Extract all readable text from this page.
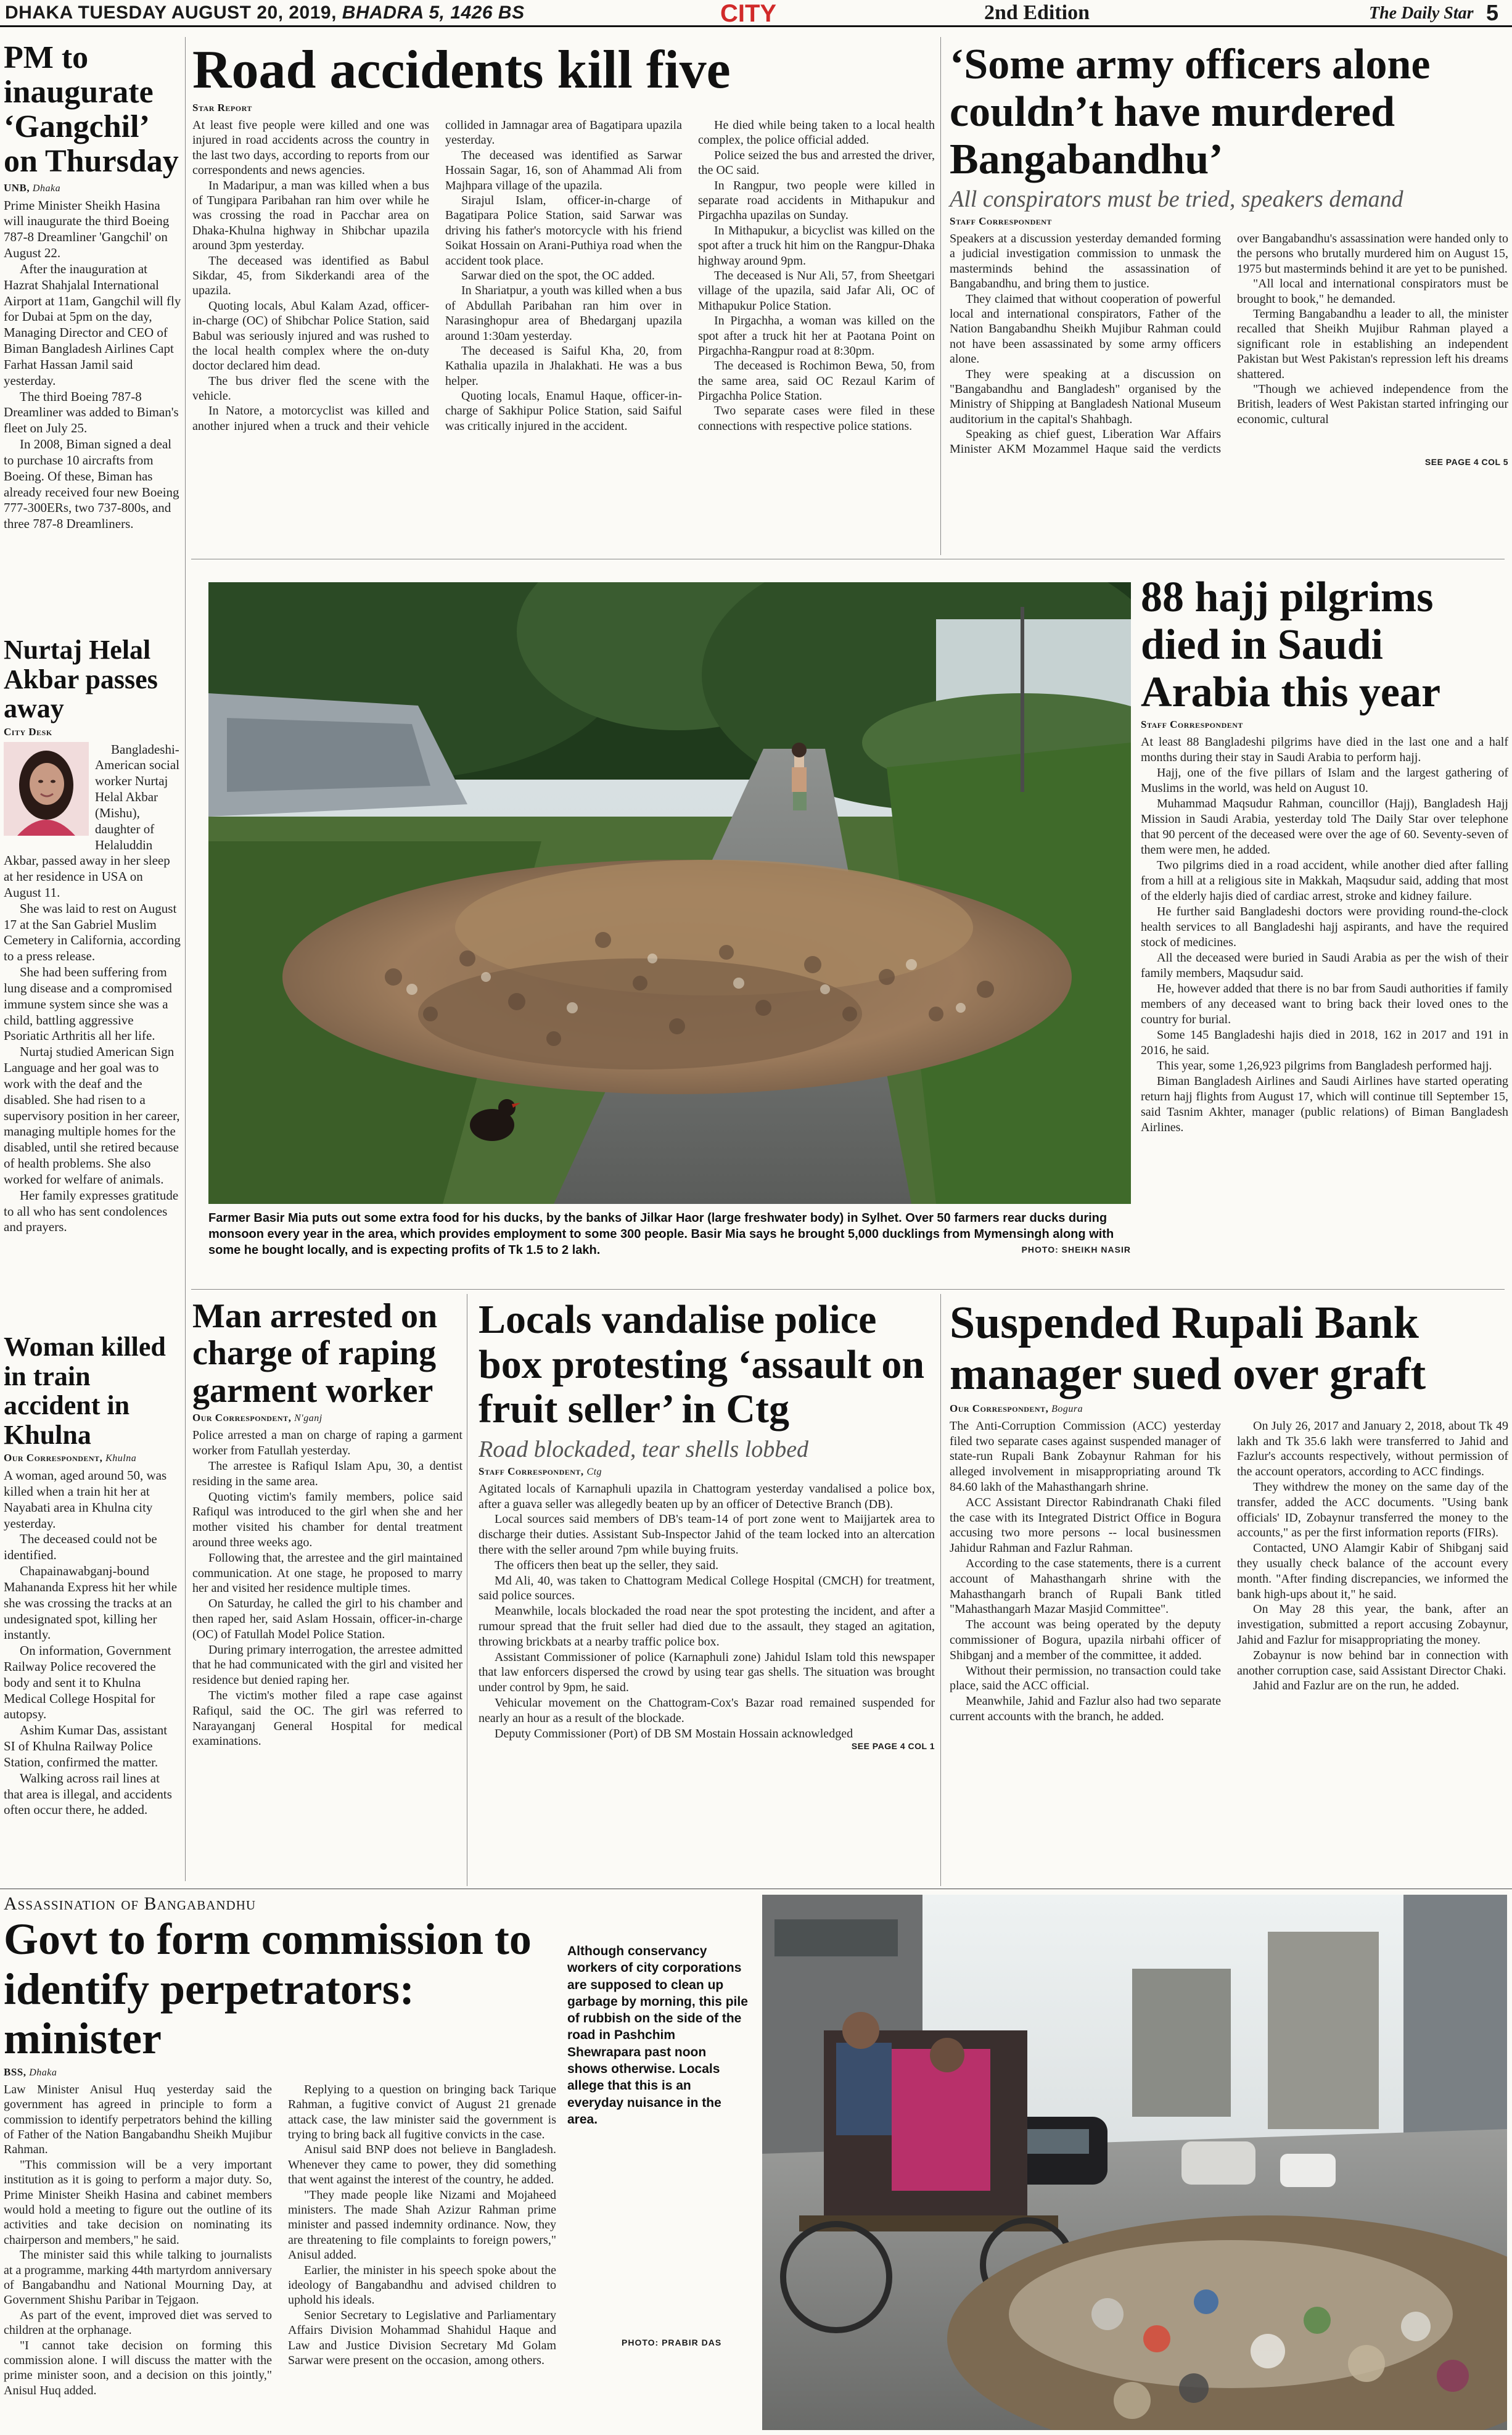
DHAKA TUESDAY AUGUST 20, 2019, BHADRA 5, 1426 BS	CITY	2nd Edition	The Daily Star 5
PM to inaugurate ‘Gangchil’ on Thursday
UNB, Dhaka

Prime Minister Sheikh Hasina will inaugurate the third Boeing 787-8 Dreamliner 'Gangchil' on August 22.

After the inauguration at Hazrat Shahjalal International Airport at 11am, Gangchil will fly for Dubai at 5pm on the day, Managing Director and CEO of Biman Bangladesh Airlines Capt Farhat Hassan Jamil said yesterday.

The third Boeing 787-8 Dreamliner was added to Biman's fleet on July 25.

In 2008, Biman signed a deal to purchase 10 aircrafts from Boeing. Of these, Biman has already received four new Boeing 777-300ERs, two 737-800s, and three 787-8 Dreamliners.

Nurtaj Helal Akbar passes away
City Desk

Bangladeshi-American social worker Nurtaj Helal Akbar (Mishu), daughter of Helaluddin Akbar, passed away in her sleep at her residence in USA on August 11.

She was laid to rest on August 17 at the San Gabriel Muslim Cemetery in California, according to a press release.

She had been suffering from lung disease and a compromised immune system since she was a child, battling aggressive Psoriatic Arthritis all her life.

Nurtaj studied American Sign Language and her goal was to work with the deaf and the disabled. She had risen to a supervisory position in her career, managing multiple homes for the disabled, until she retired because of health problems. She also worked for welfare of animals.

Her family expresses gratitude to all who has sent condolences and prayers.

Woman killed in train accident in Khulna
Our Correspondent, Khulna

A woman, aged around 50, was killed when a train hit her at Nayabati area in Khulna city yesterday.

The deceased could not be identified.

Chapainawabganj-bound Mahananda Express hit her while she was crossing the tracks at an undesignated spot, killing her instantly.

On information, Government Railway Police recovered the body and sent it to Khulna Medical College Hospital for autopsy.

Ashim Kumar Das, assistant SI of Khulna Railway Police Station, confirmed the matter.

Walking across rail lines at that area is illegal, and accidents often occur there, he added.

Road accidents kill five
Star Report

At least five people were killed and one was injured in road accidents across the country in the last two days, according to reports from our correspondents and news agencies.

In Madaripur, a man was killed when a bus of Tungipara Paribahan ran him over while he was crossing the road in Pacchar area on Dhaka-Khulna highway in Shibchar upazila around 3pm yesterday.

The deceased was identified as Babul Sikdar, 45, from Sikderkandi area of the upazila.

Quoting locals, Abul Kalam Azad, officer-in-charge (OC) of Shibchar Police Station, said Babul was seriously injured and was rushed to the local health complex where the on-duty doctor declared him dead.

The bus driver fled the scene with the vehicle.

In Natore, a motorcyclist was killed and another injured when a truck and their vehicle collided in Jamnagar area of Bagatipara upazila yesterday.

The deceased was identified as Sarwar Hossain Sagar, 16, son of Ahammad Ali from Majhpara village of the upazila.

Sirajul Islam, officer-in-charge of Bagatipara Police Station, said Sarwar was driving his father's motorcycle with his friend Soikat Hossain on Arani-Puthiya road when the accident took place.

Sarwar died on the spot, the OC added.

In Shariatpur, a youth was killed when a bus of Abdullah Paribahan ran him over in Narasinghopur area of Bhedarganj upazila around 1:30am yesterday.

The deceased is Saiful Kha, 20, from Kathalia upazila in Jhalakhati. He was a bus helper.

Quoting locals, Enamul Haque, officer-in-charge of Sakhipur Police Station, said Saiful was critically injured in the accident.

He died while being taken to a local health complex, the police official added.

Police seized the bus and arrested the driver, the OC said.

In Rangpur, two people were killed in separate road accidents in Mithapukur and Pirgachha upazilas on Sunday.

In Mithapukur, a bicyclist was killed on the spot after a truck hit him on the Rangpur-Dhaka highway around 9pm.

The deceased is Nur Ali, 57, from Sheetgari village of the upazila, said Jafar Ali, OC of Mithapukur Police Station.

In Pirgachha, a woman was killed on the spot after a truck hit her at Paotana Point on Pirgachha-Rangpur road at 8:30pm.

The deceased is Rochimon Bewa, 50, from the same area, said OC Rezaul Karim of Pirgachha Police Station.

Two separate cases were filed in these connections with respective police stations.

‘Some army officers alone couldn’t have murdered Bangabandhu’
All conspirators must be tried, speakers demand
Staff Correspondent

Speakers at a discussion yesterday demanded forming a judicial investigation commission to unmask the masterminds behind the assassination of Bangabandhu, and bring them to justice.

They claimed that without cooperation of powerful local and international conspirators, Father of the Nation Bangabandhu Sheikh Mujibur Rahman could not have been assassinated by some army officers alone.

They were speaking at a discussion on "Bangabandhu and Bangladesh" organised by the Ministry of Shipping at Bangladesh National Museum auditorium in the capital's Shahbagh.

Speaking as chief guest, Liberation War Affairs Minister AKM Mozammel Haque said the verdicts over Bangabandhu's assassination were handed only to the persons who brutally murdered him on August 15, 1975 but masterminds behind it are yet to be punished.

"All local and international conspirators must be brought to book," he demanded.

Terming Bangabandhu a leader to all, the minister recalled that Sheikh Mujibur Rahman played a significant role in establishing an independent Pakistan but West Pakistan's repression left his dreams shattered.

"Though we achieved independence from the British, leaders of West Pakistan started infringing our economic, cultural

SEE PAGE 4 COL 5
Farmer Basir Mia puts out some extra food for his ducks, by the banks of Jilkar Haor (large freshwater body) in Sylhet. Over 50 farmers rear ducks during monsoon every year in the area, which provides employment to some 300 people. Basir Mia says he brought 5,000 ducklings from Mymensingh along with some he bought locally, and is expecting profits of Tk 1.5 to 2 lakh.	PHOTO: SHEIKH NASIR
88 hajj pilgrims died in Saudi Arabia this year
Staff Correspondent

At least 88 Bangladeshi pilgrims have died in the last one and a half months during their stay in Saudi Arabia to perform hajj.

Hajj, one of the five pillars of Islam and the largest gathering of Muslims in the world, was held on August 10.

Muhammad Maqsudur Rahman, councillor (Hajj), Bangladesh Hajj Mission in Saudi Arabia, yesterday told The Daily Star over telephone that 90 percent of the deceased were over the age of 60. Seventy-seven of them were men, he added.

Two pilgrims died in a road accident, while another died after falling from a hill at a religious site in Makkah, Maqsudur said, adding that most of the elderly hajis died of cardiac arrest, stroke and kidney failure.

He further said Bangladeshi doctors were providing round-the-clock health services to all Bangladeshi hajj aspirants, and have the required stock of medicines.

All the deceased were buried in Saudi Arabia as per the wish of their family members, Maqsudur said.

He, however added that there is no bar from Saudi authorities if family members of any deceased want to bring back their loved ones to the country for burial.

Some 145 Bangladeshi hajis died in 2018, 162 in 2017 and 191 in 2016, he said.

This year, some 1,26,923 pilgrims from Bangladesh performed hajj.

Biman Bangladesh Airlines and Saudi Airlines have started operating return hajj flights from August 17, which will continue till September 15, said Tasnim Akhter, manager (public relations) of Biman Bangladesh Airlines.

Man arrested on charge of raping garment worker
Our Correspondent, N'ganj

Police arrested a man on charge of raping a garment worker from Fatullah yesterday.

The arrestee is Rafiqul Islam Apu, 30, a dentist residing in the same area.

Quoting victim's family members, police said Rafiqul was introduced to the girl when she and her mother visited his chamber for dental treatment around three weeks ago.

Following that, the arrestee and the girl maintained communication. At one stage, he proposed to marry her and visited her residence multiple times.

On Saturday, he called the girl to his chamber and then raped her, said Aslam Hossain, officer-in-charge (OC) of Fatullah Model Police Station.

During primary interrogation, the arrestee admitted that he had communicated with the girl and visited her residence but denied raping her.

The victim's mother filed a rape case against Rafiqul, said the OC. The girl was referred to Narayanganj General Hospital for medical examinations.

Locals vandalise police box protesting ‘assault on fruit seller’ in Ctg
Road blockaded, tear shells lobbed
Staff Correspondent, Ctg

Agitated locals of Karnaphuli upazila in Chattogram yesterday vandalised a police box, after a guava seller was allegedly beaten up by an officer of Detective Branch (DB).

Local sources said members of DB's team-14 of port zone went to Maijjartek area to discharge their duties. Assistant Sub-Inspector Jahid of the team locked into an altercation there with the seller around 7pm while buying fruits.

The officers then beat up the seller, they said.

Md Ali, 40, was taken to Chattogram Medical College Hospital (CMCH) for treatment, said police sources.

Meanwhile, locals blockaded the road near the spot protesting the incident, and after a rumour spread that the fruit seller had died due to the assault, they staged an agitation, throwing brickbats at a nearby traffic police box.

Assistant Commissioner of police (Karnaphuli zone) Jahidul Islam told this newspaper that law enforcers dispersed the crowd by using tear gas shells. The situation was brought under control by 9pm, he said.

Vehicular movement on the Chattogram-Cox's Bazar road remained suspended for nearly an hour as a result of the blockade.

Deputy Commissioner (Port) of DB SM Mostain Hossain acknowledged

SEE PAGE 4 COL 1
Suspended Rupali Bank manager sued over graft
Our Correspondent, Bogura

The Anti-Corruption Commission (ACC) yesterday filed two separate cases against suspended manager of state-run Rupali Bank Zobaynur Rahman for his alleged involvement in misappropriating around Tk 84.60 lakh of the Mahasthangarh shrine.

ACC Assistant Director Rabindranath Chaki filed the case with its Integrated District Office in Bogura accusing two more persons -- local businessmen Jahidur Rahman and Fazlur Rahman.

According to the case statements, there is a current account of Mahasthangarh shrine with the Mahasthangarh branch of Rupali Bank titled "Mahasthangarh Mazar Masjid Committee".

The account was being operated by the deputy commissioner of Bogura, upazila nirbahi officer of Shibganj and a member of the committee, it added.

Without their permission, no transaction could take place, said the ACC official.

Meanwhile, Jahid and Fazlur also had two separate current accounts with the branch, he added.

On July 26, 2017 and January 2, 2018, about Tk 49 lakh and Tk 35.6 lakh were transferred to Jahid and Fazlur's accounts respectively, without permission of the account operators, according to ACC findings.

They withdrew the money on the same day of the transfer, added the ACC documents. "Using bank officials' ID, Zobaynur transferred the money to the accounts," as per the first information reports (FIRs).

Contacted, UNO Alamgir Kabir of Shibganj said they usually check balance of the account every month. "After finding discrepancies, we informed the bank high-ups about it," he said.

On May 28 this year, the bank, after an investigation, submitted a report accusing Zobaynur, Jahid and Fazlur for misappropriating the money.

Zobaynur is now behind bar in connection with another corruption case, said Assistant Director Chaki.

Jahid and Fazlur are on the run, he added.

Assassination of Bangabandhu
Govt to form commission to identify perpetrators: minister
BSS, Dhaka

Law Minister Anisul Huq yesterday said the government has agreed in principle to form a commission to identify perpetrators behind the killing of Father of the Nation Bangabandhu Sheikh Mujibur Rahman.

"This commission will be a very important institution as it is going to perform a major duty. So, Prime Minister Sheikh Hasina and cabinet members would hold a meeting to figure out the outline of its activities and take decision on nominating its chairperson and members," he said.

The minister said this while talking to journalists at a programme, marking 44th martyrdom anniversary of Bangabandhu and National Mourning Day, at Government Shishu Paribar in Tejgaon.

As part of the event, improved diet was served to children at the orphanage.

"I cannot take decision on forming this commission alone. I will discuss the matter with the prime minister soon, and a decision on this jointly," Anisul Huq added.

Replying to a question on bringing back Tarique Rahman, a fugitive convict of August 21 grenade attack case, the law minister said the government is trying to bring back all fugitive convicts in the case.

Anisul said BNP does not believe in Bangladesh. Whenever they came to power, they did something that went against the interest of the country, he added.

"They made people like Nizami and Mojaheed ministers. The made Shah Azizur Rahman prime minister and passed indemnity ordinance. Now, they are threatening to file complaints to foreign powers," Anisul added.

Earlier, the minister in his speech spoke about the ideology of Bangabandhu and advised children to uphold his ideals.

Senior Secretary to Legislative and Parliamentary Affairs Division Mohammad Shahidul Haque and Law and Justice Division Secretary Md Golam Sarwar were present on the occasion, among others.

Although conservancy workers of city corporations are supposed to clean up garbage by morning, this pile of rubbish on the side of the road in Pashchim Shewrapara past noon shows otherwise. Locals allege that this is an everyday nuisance in the area.
PHOTO: PRABIR DAS
